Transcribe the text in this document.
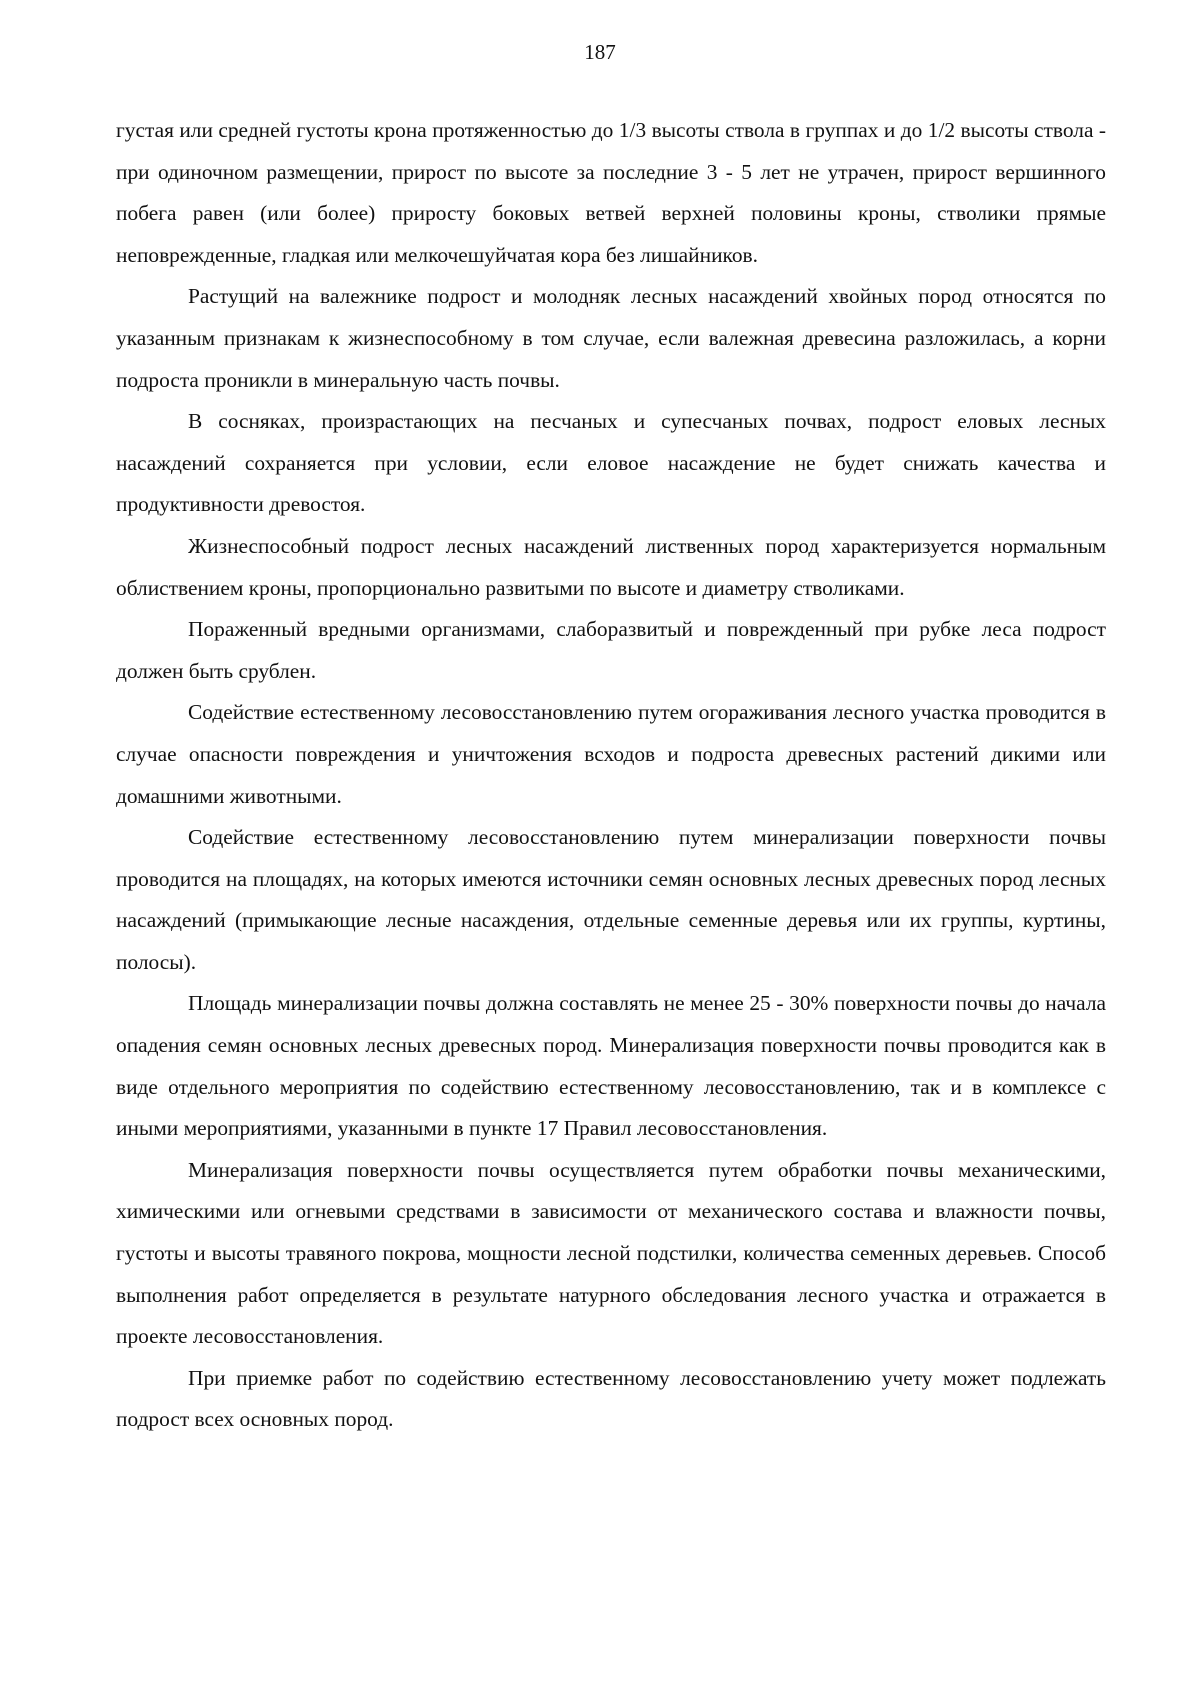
187

густая или средней густоты крона протяженностью до 1/3 высоты ствола в группах и до 1/2 высоты ствола - при одиночном размещении, прирост по высоте за последние 3 - 5 лет не утрачен, прирост вершинного побега равен (или более) приросту боковых ветвей верхней половины кроны, стволики прямые неповрежденные, гладкая или мелкочешуйчатая кора без лишайников.

Растущий на валежнике подрост и молодняк лесных насаждений хвойных пород относятся по указанным признакам к жизнеспособному в том случае, если валежная древесина разложилась, а корни подроста проникли в минеральную часть почвы.

В сосняках, произрастающих на песчаных и супесчаных почвах, подрост еловых лесных насаждений сохраняется при условии, если еловое насаждение не будет снижать качества и продуктивности древостоя.

Жизнеспособный подрост лесных насаждений лиственных пород характеризуется нормальным облиствением кроны, пропорционально развитыми по высоте и диаметру стволиками.

Пораженный вредными организмами, слаборазвитый и поврежденный при рубке леса подрост должен быть срублен.

Содействие естественному лесовосстановлению путем огораживания лесного участка проводится в случае опасности повреждения и уничтожения всходов и подроста древесных растений дикими или домашними животными.

Содействие естественному лесовосстановлению путем минерализации поверхности почвы проводится на площадях, на которых имеются источники семян основных лесных древесных пород лесных насаждений (примыкающие лесные насаждения, отдельные семенные деревья или их группы, куртины, полосы).

Площадь минерализации почвы должна составлять не менее 25 - 30% поверхности почвы до начала опадения семян основных лесных древесных пород. Минерализация поверхности почвы проводится как в виде отдельного мероприятия по содействию естественному лесовосстановлению, так и в комплексе с иными мероприятиями, указанными в пункте 17 Правил лесовосстановления.

Минерализация поверхности почвы осуществляется путем обработки почвы механическими, химическими или огневыми средствами в зависимости от механического состава и влажности почвы, густоты и высоты травяного покрова, мощности лесной подстилки, количества семенных деревьев. Способ выполнения работ определяется в результате натурного обследования лесного участка и отражается в проекте лесовосстановления.

При приемке работ по содействию естественному лесовосстановлению учету может подлежать подрост всех основных пород.
